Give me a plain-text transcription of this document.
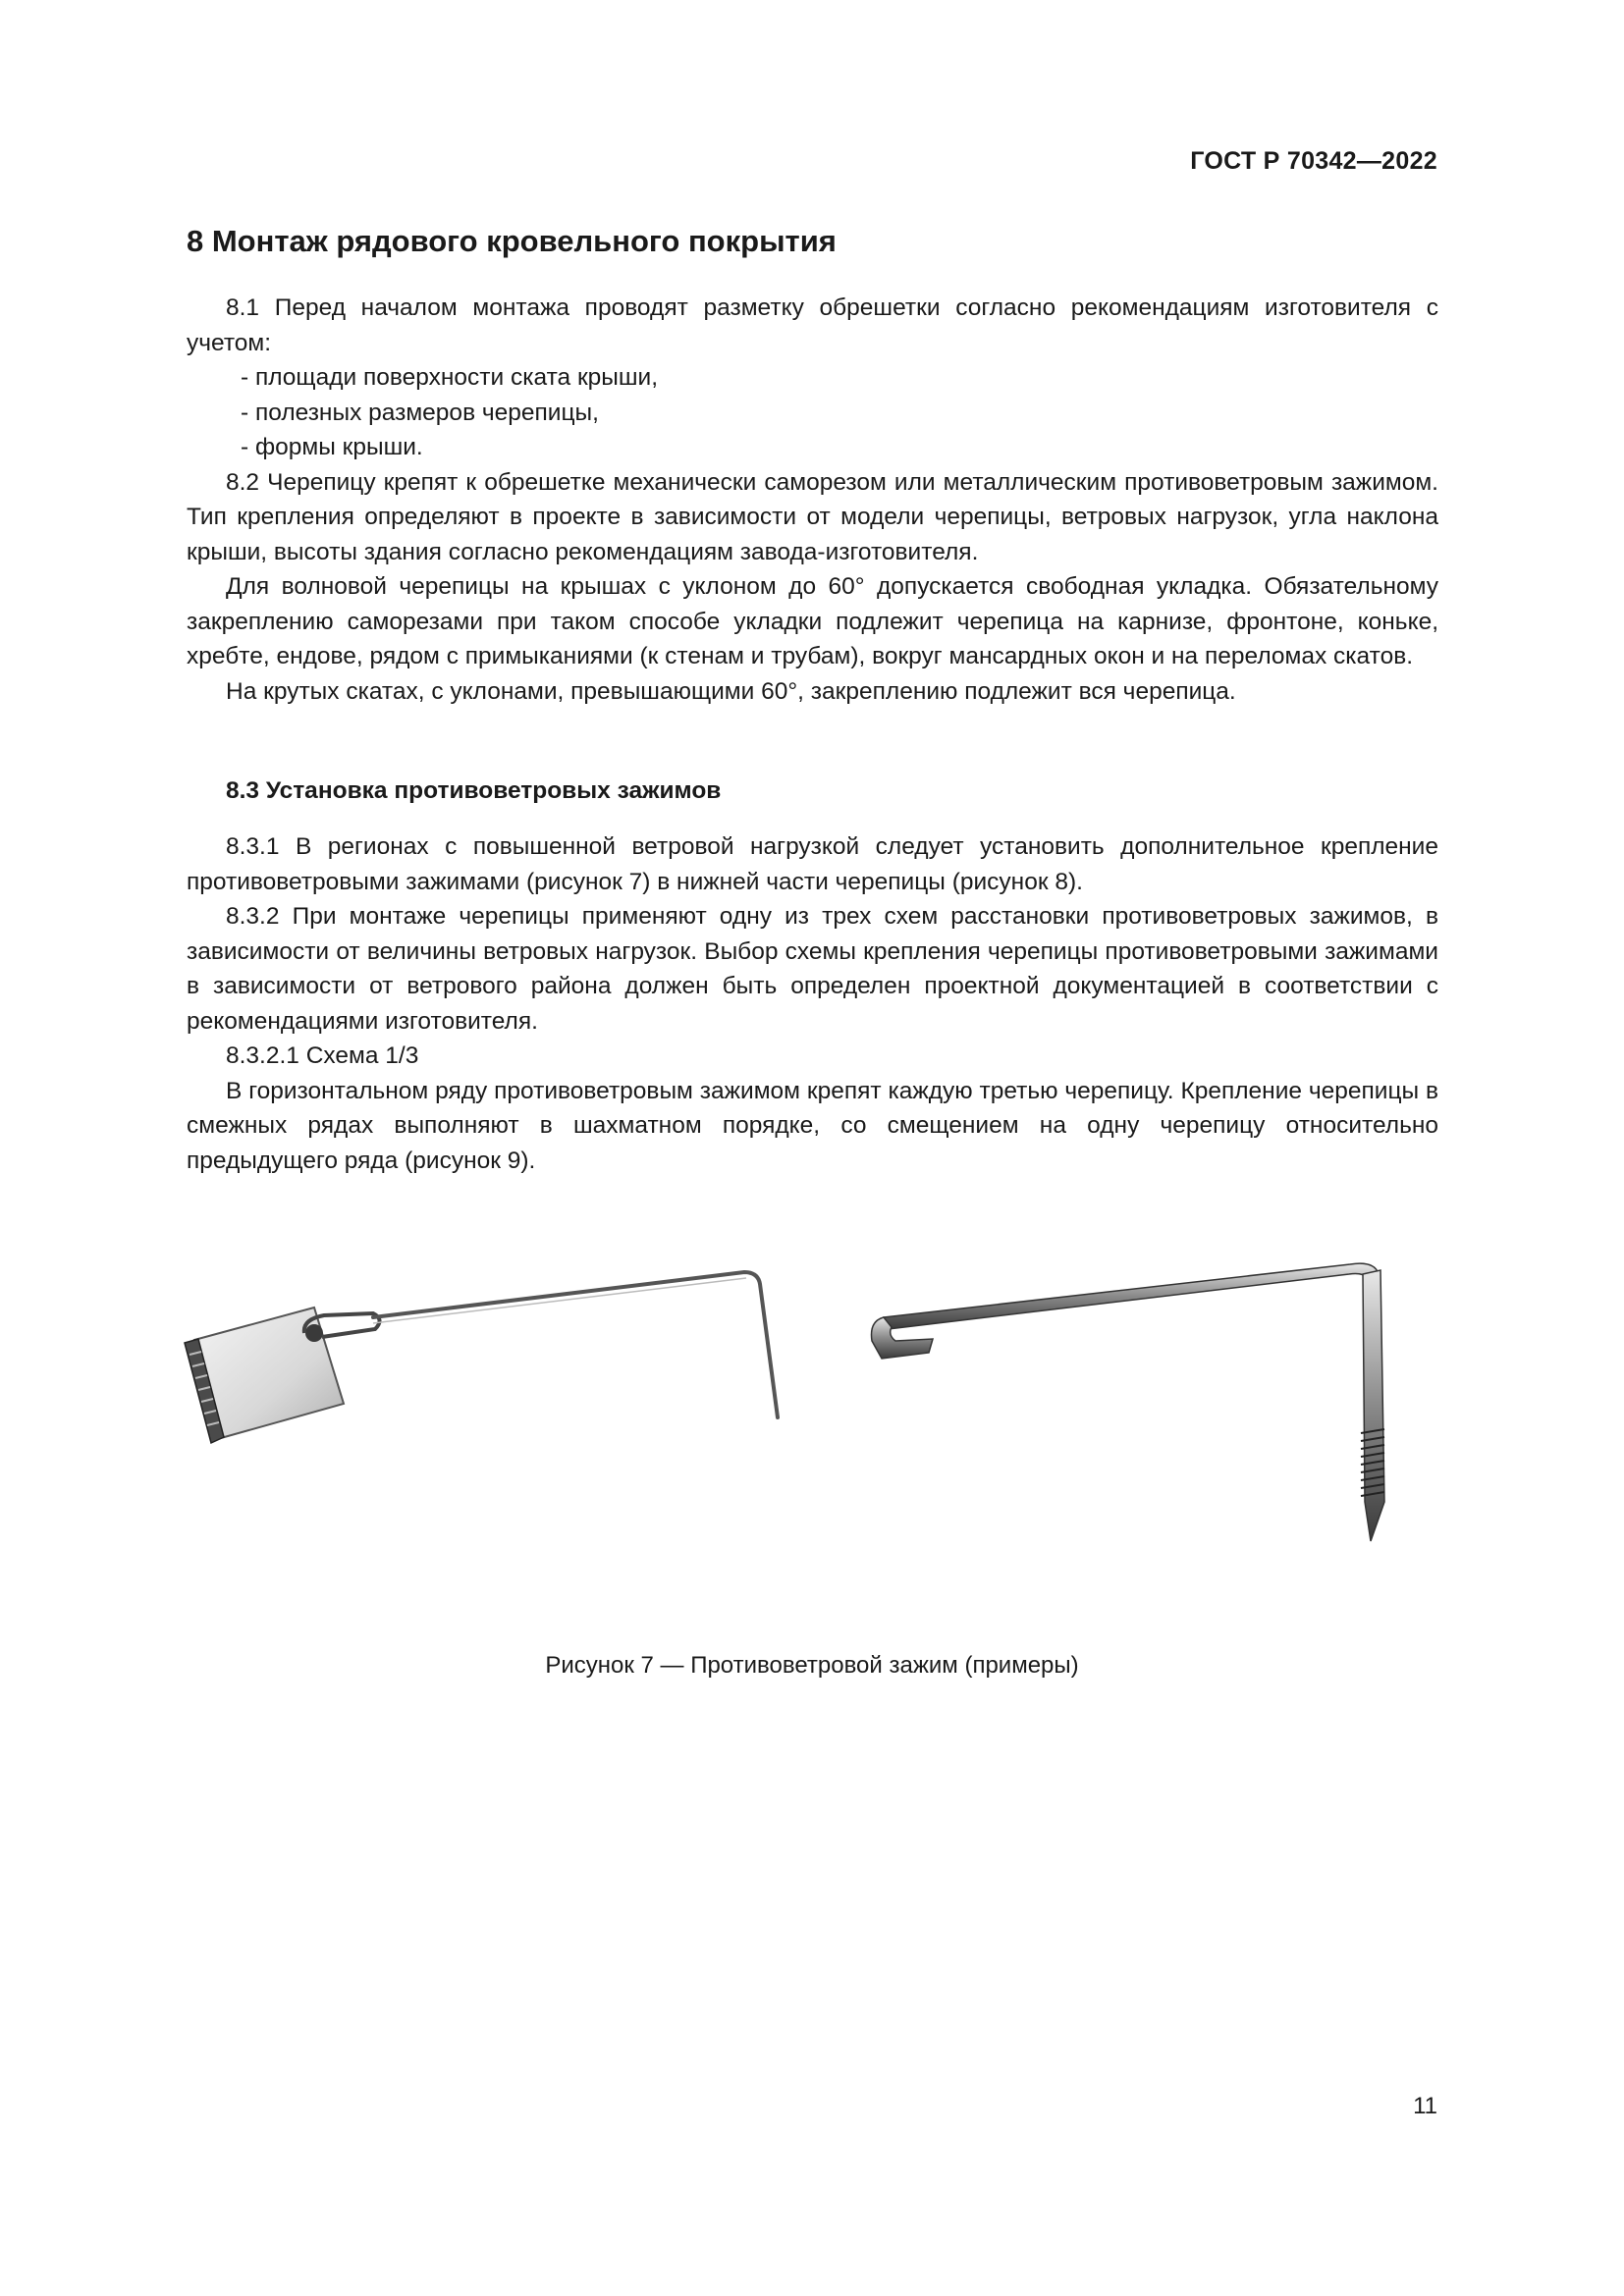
ГОСТ Р 70342—2022
8 Монтаж рядового кровельного покрытия

8.1 Перед началом монтажа проводят разметку обрешетки согласно рекомендациям изготовителя с учетом:

- площади поверхности ската крыши,

- полезных размеров черепицы,

- формы крыши.

8.2 Черепицу крепят к обрешетке механически саморезом или металлическим противоветровым зажимом. Тип крепления определяют в проекте в зависимости от модели черепицы, ветровых нагрузок, угла наклона крыши, высоты здания согласно рекомендациям завода-изготовителя.

Для волновой черепицы на крышах с уклоном до 60° допускается свободная укладка. Обязательному закреплению саморезами при таком способе укладки подлежит черепица на карнизе, фронтоне, коньке, хребте, ендове, рядом с примыканиями (к стенам и трубам), вокруг мансардных окон и на переломах скатов.

На крутых скатах, с уклонами, превышающими 60°, закреплению подлежит вся черепица.

8.3 Установка противоветровых зажимов

8.3.1 В регионах с повышенной ветровой нагрузкой следует установить дополнительное крепление противоветровыми зажимами (рисунок 7) в нижней части черепицы (рисунок 8).

8.3.2 При монтаже черепицы применяют одну из трех схем расстановки противоветровых зажимов, в зависимости от величины ветровых нагрузок. Выбор схемы крепления черепицы противоветровыми зажимами в зависимости от ветрового района должен быть определен проектной документацией в соответствии с рекомендациями изготовителя.

8.3.2.1 Схема 1/3

В горизонтальном ряду противоветровым зажимом крепят каждую третью черепицу. Крепление черепицы в смежных рядах выполняют в шахматном порядке, со смещением на одну черепицу относительно предыдущего ряда (рисунок 9).

Рисунок 7 — Противоветровой зажим (примеры)
11
